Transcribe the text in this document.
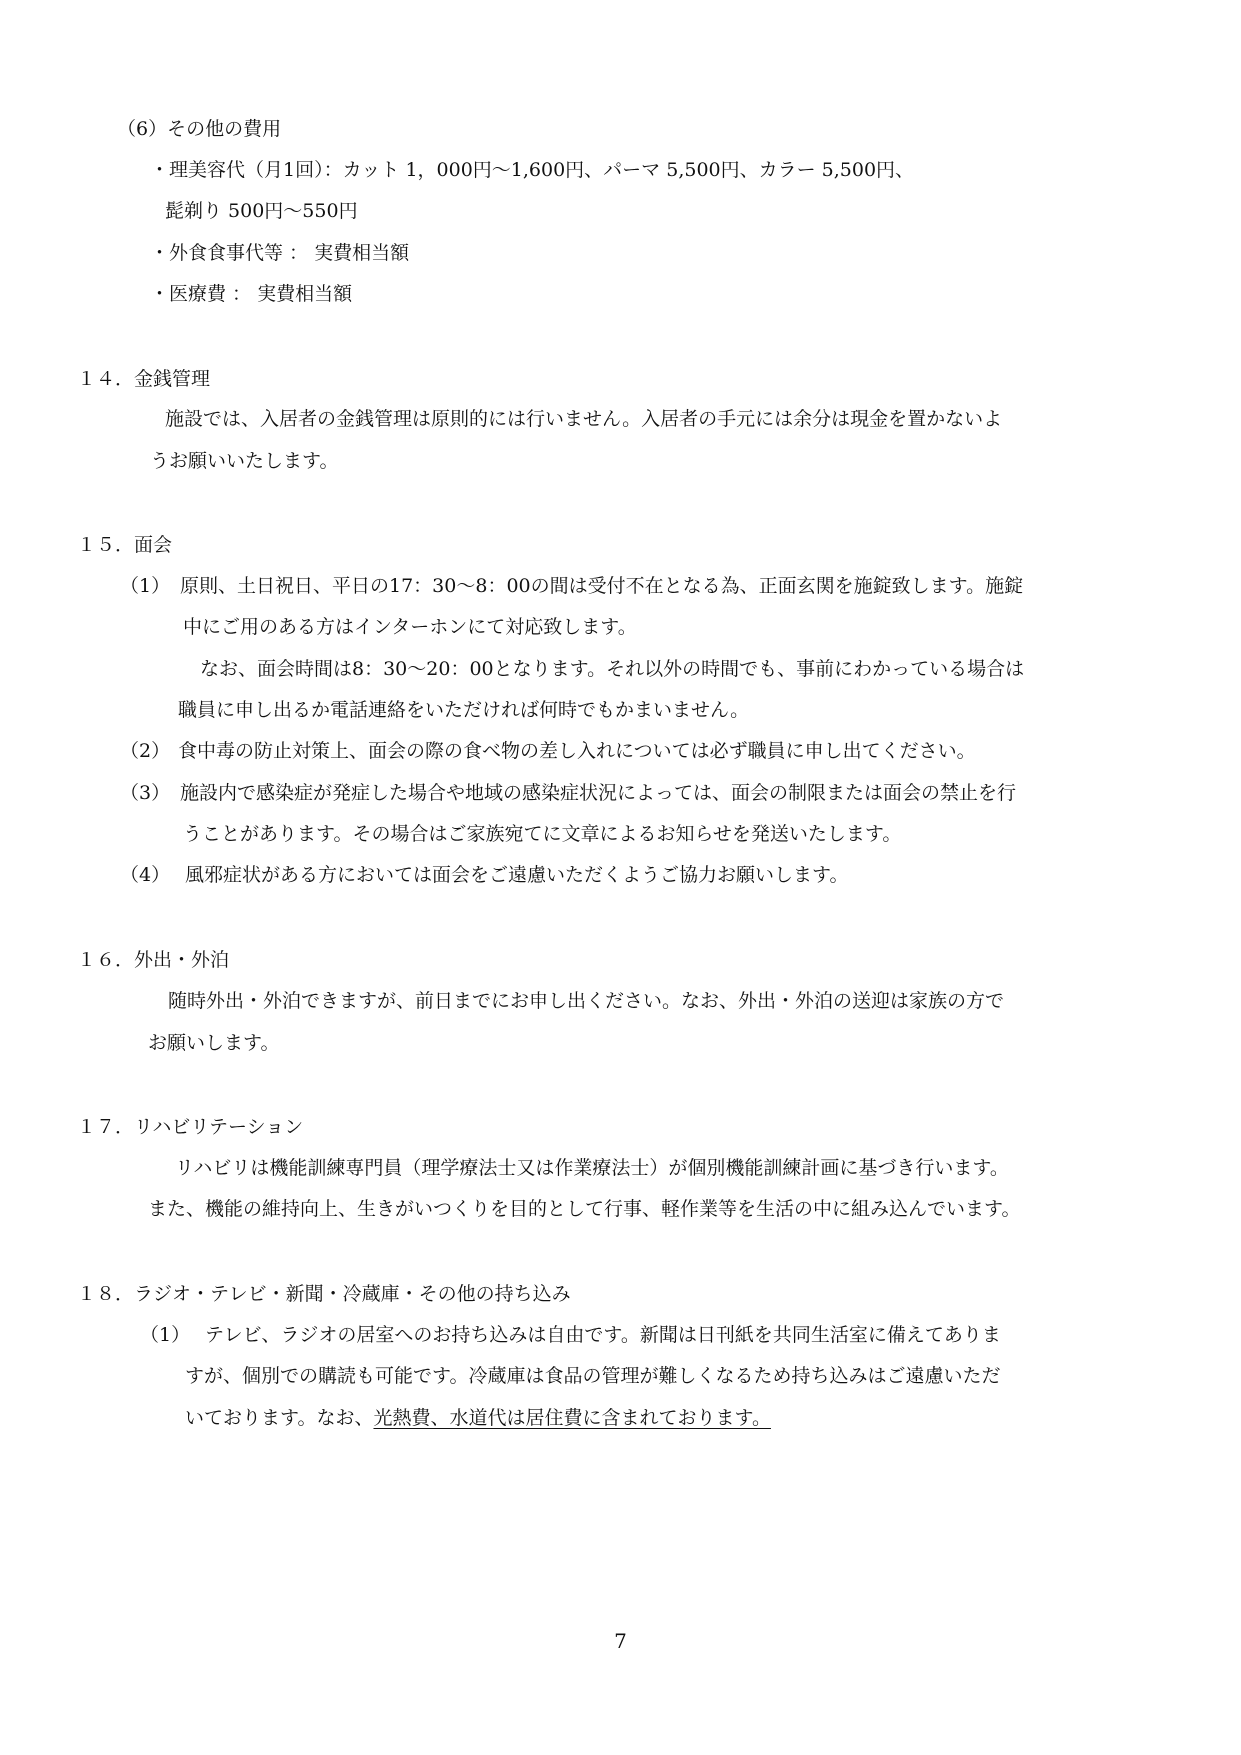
（6）その他の費用
・理美容代（月1回）：カット 1，000円～1,600円、パーマ 5,500円、カラー 5,500円、
髭剃り 500円～550円
・外食食事代等 ： 実費相当額
・医療費 ： 実費相当額
１４．金銭管理
施設では、入居者の金銭管理は原則的には行いません。入居者の手元には余分は現金を置かないよ
うお願いいたします。
１５．面会
（1） 原則、土日祝日、平日の17：30～8：00の間は受付不在となる為、正面玄関を施錠致します。施錠
中にご用のある方はインターホンにて対応致します。
なお、面会時間は8：30～20：00となります。それ以外の時間でも、事前にわかっている場合は
職員に申し出るか電話連絡をいただければ何時でもかまいません。
（2） 食中毒の防止対策上、面会の際の食べ物の差し入れについては必ず職員に申し出てください。
（3） 施設内で感染症が発症した場合や地域の感染症状況によっては、面会の制限または面会の禁止を行
うことがあります。その場合はご家族宛てに文章によるお知らせを発送いたします。
（4） 風邪症状がある方においては面会をご遠慮いただくようご協力お願いします。
１６．外出・外泊
随時外出・外泊できますが、前日までにお申し出ください。なお、外出・外泊の送迎は家族の方で
お願いします。
１７．リハビリテーション
リハビリは機能訓練専門員（理学療法士又は作業療法士）が個別機能訓練計画に基づき行います。
また、機能の維持向上、生きがいつくりを目的として行事、軽作業等を生活の中に組み込んでいます。
１８．ラジオ・テレビ・新聞・冷蔵庫・その他の持ち込み
（1） テレビ、ラジオの居室へのお持ち込みは自由です。新聞は日刊紙を共同生活室に備えてありま
すが、個別での購読も可能です。冷蔵庫は食品の管理が難しくなるため持ち込みはご遠慮いただ
いております。なお、光熱費、水道代は居住費に含まれております。
7
